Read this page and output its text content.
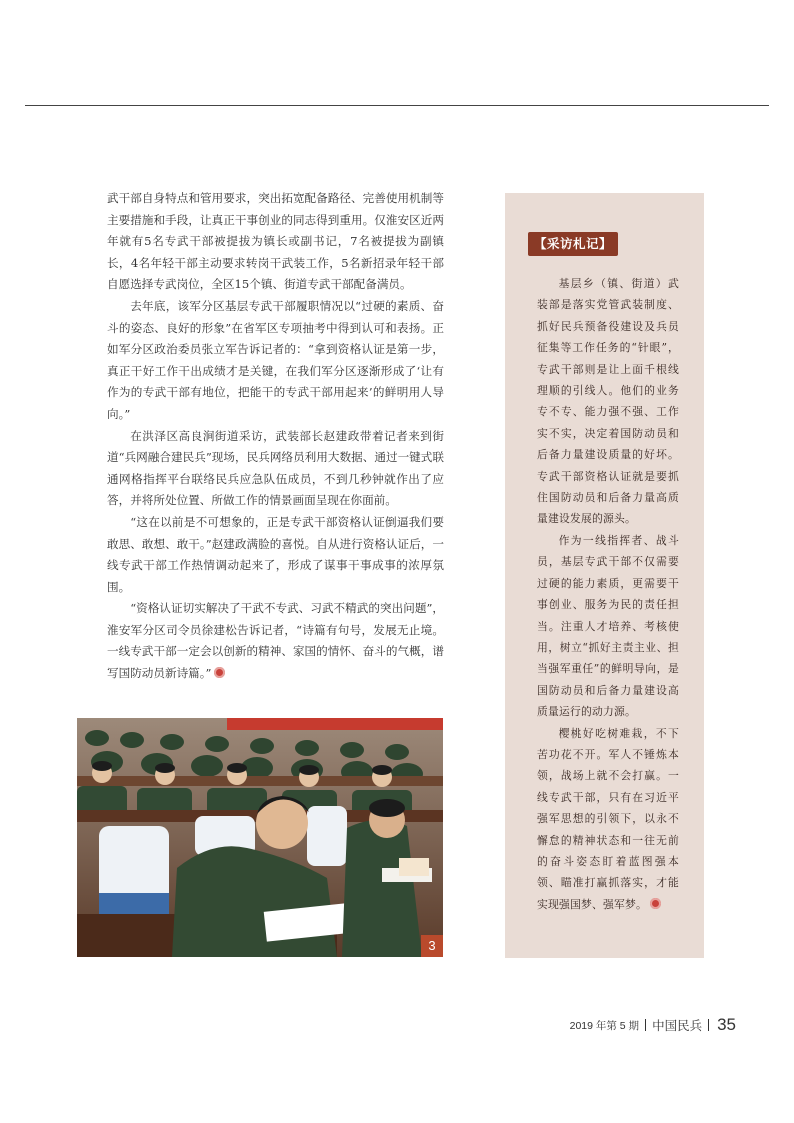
武干部自身特点和管用要求，突出拓宽配备路径、完善使用机制等主要措施和手段，让真正干事创业的同志得到重用。仅淮安区近两年就有5名专武干部被提拔为镇长或副书记，7名被提拔为副镇长，4名年轻干部主动要求转岗干武装工作，5名新招录年轻干部自愿选择专武岗位，全区15个镇、街道专武干部配备满员。

去年底，该军分区基层专武干部履职情况以“过硬的素质、奋斗的姿态、良好的形象”在省军区专项抽考中得到认可和表扬。正如军分区政治委员张立军告诉记者的：“拿到资格认证是第一步，真正干好工作干出成绩才是关键，在我们军分区逐渐形成了‘让有作为的专武干部有地位，把能干的专武干部用起来’的鲜明用人导向。”

在洪泽区高良涧街道采访，武装部长赵建政带着记者来到街道“兵网融合建民兵”现场，民兵网络员利用大数据、通过一键式联通网格指挥平台联络民兵应急队伍成员，不到几秒钟就作出了应答，并将所处位置、所做工作的情景画面呈现在你面前。

“这在以前是不可想象的，正是专武干部资格认证倒逼我们要敢思、敢想、敢干。”赵建政满脸的喜悦。自从进行资格认证后，一线专武干部工作热情调动起来了，形成了谋事干事成事的浓厚氛围。

“资格认证切实解决了干武不专武、习武不精武的突出问题”，淮安军分区司令员徐建松告诉记者，“诗篇有句号，发展无止境。一线专武干部一定会以创新的精神、家国的情怀、奋斗的气概，谱写国防动员新诗篇。”

3
【采访札记】

基层乡（镇、街道）武装部是落实党管武装制度、抓好民兵预备役建设及兵员征集等工作任务的“针眼”，专武干部则是让上面千根线理顺的引线人。他们的业务专不专、能力强不强、工作实不实，决定着国防动员和后备力量建设质量的好坏。专武干部资格认证就是要抓住国防动员和后备力量高质量建设发展的源头。

作为一线指挥者、战斗员，基层专武干部不仅需要过硬的能力素质，更需要干事创业、服务为民的责任担当。注重人才培养、考核使用，树立“抓好主责主业、担当强军重任”的鲜明导向，是国防动员和后备力量建设高质量运行的动力源。

樱桃好吃树难栽，不下苦功花不开。军人不锤炼本领，战场上就不会打赢。一线专武干部，只有在习近平强军思想的引领下，以永不懈怠的精神状态和一往无前的奋斗姿态盯着蓝图强本领、瞄准打赢抓落实，才能实现强国梦、强军梦。

2019 年第 5 期 中国民兵 35
